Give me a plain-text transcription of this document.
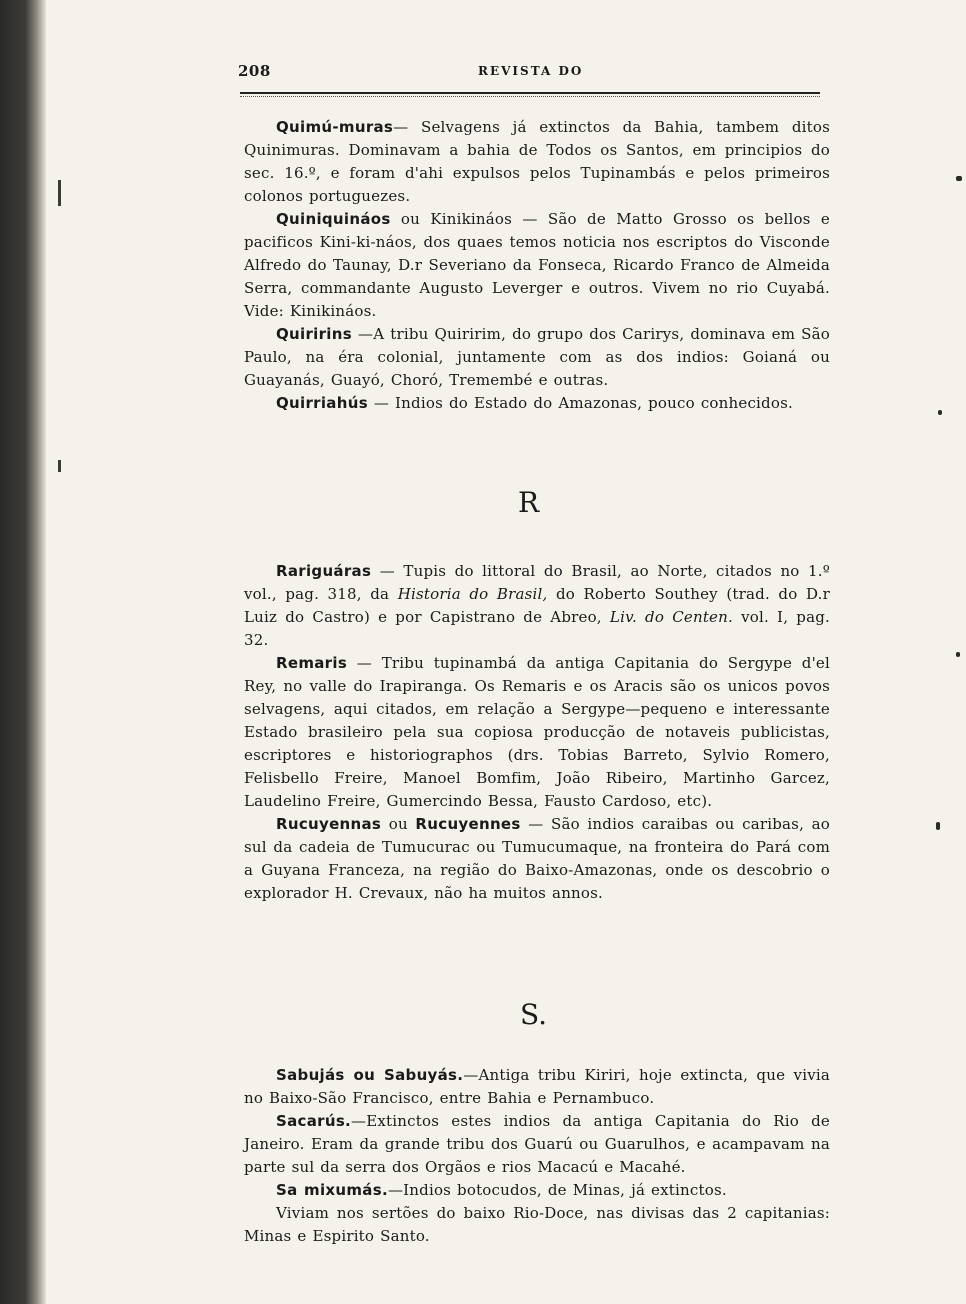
208	REVISTA DO

Quimú-muras— Selvagens já extinctos da Bahia, tambem ditos Quinimuras. Dominavam a bahia de Todos os Santos, em principios do sec. 16.º, e foram d'ahi expulsos pelos Tupinambás e pelos primeiros colonos portuguezes.

Quiniquináos ou Kinikináos — São de Matto Grosso os bellos e pacificos Kini-ki-náos, dos quaes temos noticia nos escriptos do Visconde Alfredo do Taunay, D.r Severiano da Fonseca, Ricardo Franco de Almeida Serra, commandante Augusto Leverger e outros. Vivem no rio Cuyabá. Vide: Kinikináos.

Quiririns —A tribu Quiririm, do grupo dos Carirys, dominava em São Paulo, na éra colonial, juntamente com as dos indios: Goianá ou Guayanás, Guayó, Choró, Tremembé e outras.

Quirriahús — Indios do Estado do Amazonas, pouco conhecidos.

R

Rariguáras — Tupis do littoral do Brasil, ao Norte, citados no 1.º vol., pag. 318, da Historia do Brasil, do Roberto Southey (trad. do D.r Luiz do Castro) e por Capistrano de Abreo, Liv. do Centen. vol. I, pag. 32.

Remaris — Tribu tupinambá da antiga Capitania do Sergype d'el Rey, no valle do Irapiranga. Os Remaris e os Aracis são os unicos povos selvagens, aqui citados, em relação a Sergype—pequeno e interessante Estado brasileiro pela sua copiosa producção de notaveis publicistas, escriptores e historiographos (drs. Tobias Barreto, Sylvio Romero, Felisbello Freire, Manoel Bomfim, João Ribeiro, Martinho Garcez, Laudelino Freire, Gumercindo Bessa, Fausto Cardoso, etc).

Rucuyennas ou Rucuyennes — São indios caraibas ou caribas, ao sul da cadeia de Tumucurac ou Tumucumaque, na fronteira do Pará com a Guyana Franceza, na região do Baixo-Amazonas, onde os descobrio o explorador H. Crevaux, não ha muitos annos.

S.

Sabujás ou Sabuyás.—Antiga tribu Kiriri, hoje extincta, que vivia no Baixo-São Francisco, entre Bahia e Pernambuco.

Sacarús.—Extinctos estes indios da antiga Capitania do Rio de Janeiro. Eram da grande tribu dos Guarú ou Guarulhos, e acampavam na parte sul da serra dos Orgãos e rios Macacú e Macahé.

Sa mixumás.—Indios botocudos, de Minas, já extinctos.

Viviam nos sertões do baixo Rio-Doce, nas divisas das 2 capitanias: Minas e Espirito Santo.
